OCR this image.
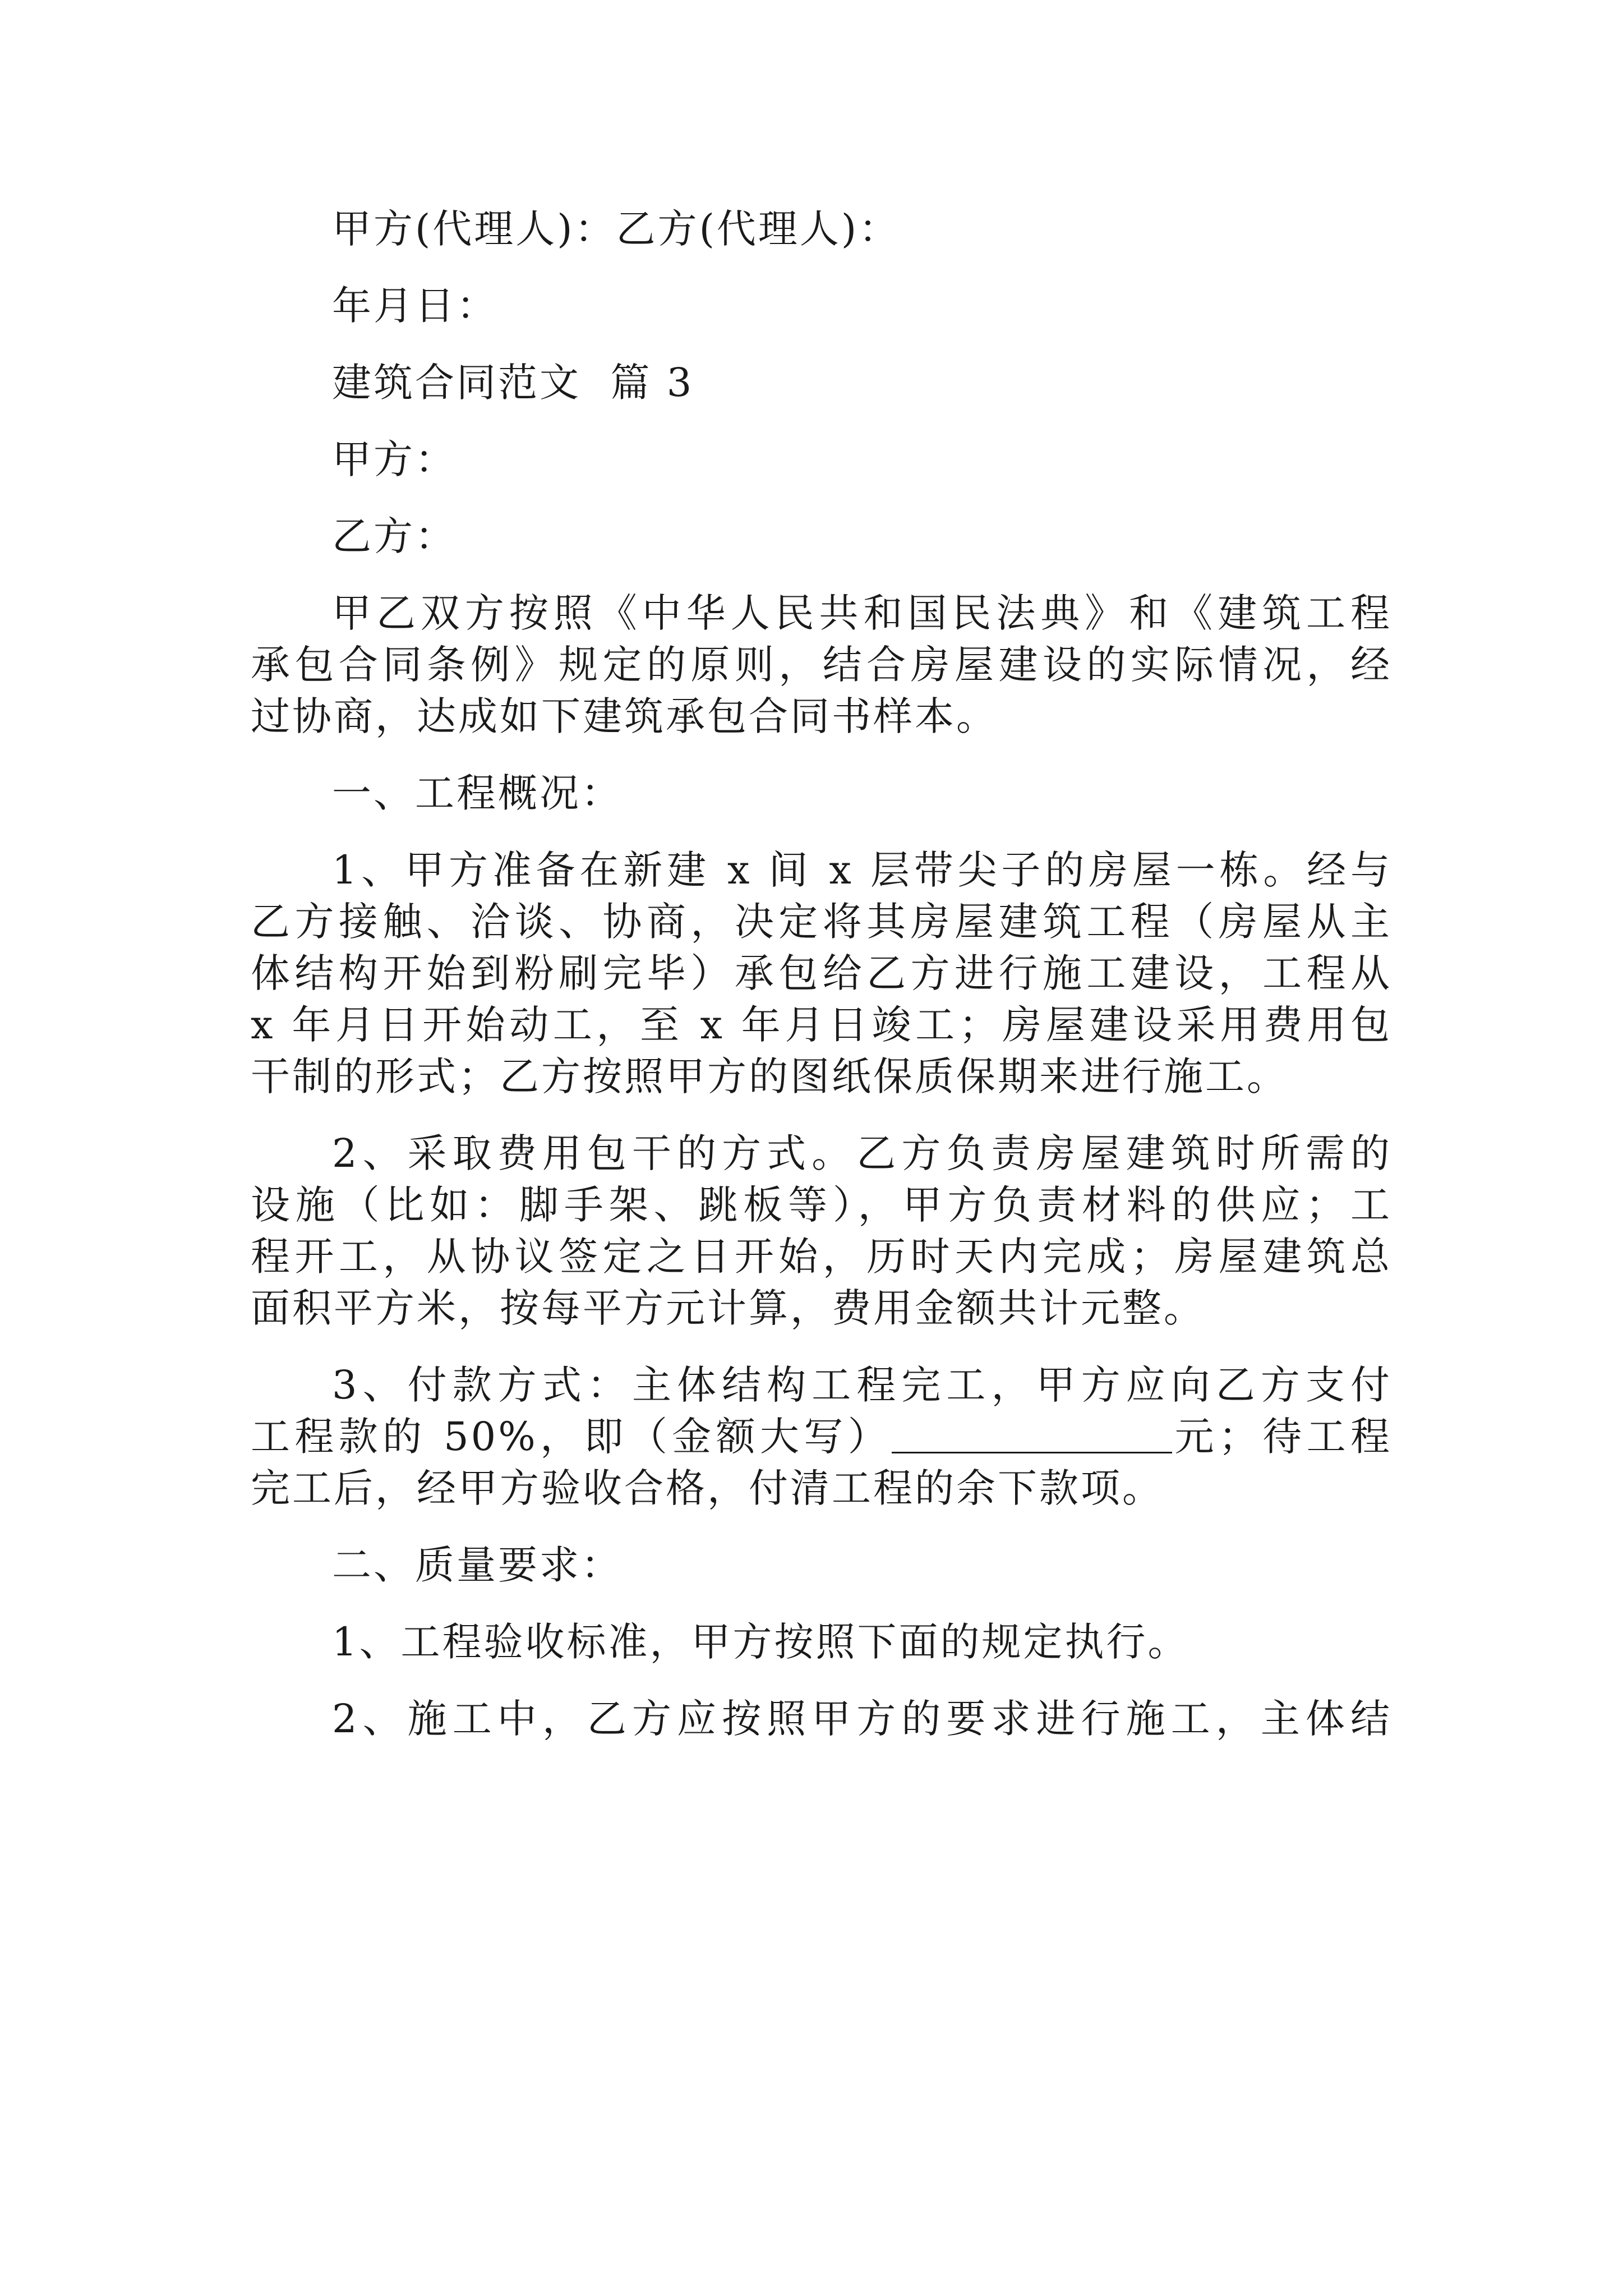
甲方(代理人)：乙方(代理人)：
年月日：
建筑合同范文  篇 3
甲方：
乙方：
甲乙双方按照《中华人民共和国民法典》和《建筑工程
承包合同条例》规定的原则，结合房屋建设的实际情况，经
过协商，达成如下建筑承包合同书样本。
一、工程概况：
1、甲方准备在新建 x 间 x 层带尖子的房屋一栋。经与
乙方接触、洽谈、协商，决定将其房屋建筑工程（房屋从主
体结构开始到粉刷完毕）承包给乙方进行施工建设，工程从
x 年月日开始动工，至 x 年月日竣工；房屋建设采用费用包
干制的形式；乙方按照甲方的图纸保质保期来进行施工。
2、采取费用包干的方式。乙方负责房屋建筑时所需的
设施（比如：脚手架、跳板等），甲方负责材料的供应；工
程开工，从协议签定之日开始，历时天内完成；房屋建筑总
面积平方米，按每平方元计算，费用金额共计元整。
3、付款方式：主体结构工程完工，甲方应向乙方支付
工程款的 50%，即（金额大写）	元；待工程
完工后，经甲方验收合格，付清工程的余下款项。
二、质量要求：
1、工程验收标准，甲方按照下面的规定执行。
2、施工中，乙方应按照甲方的要求进行施工，主体结
